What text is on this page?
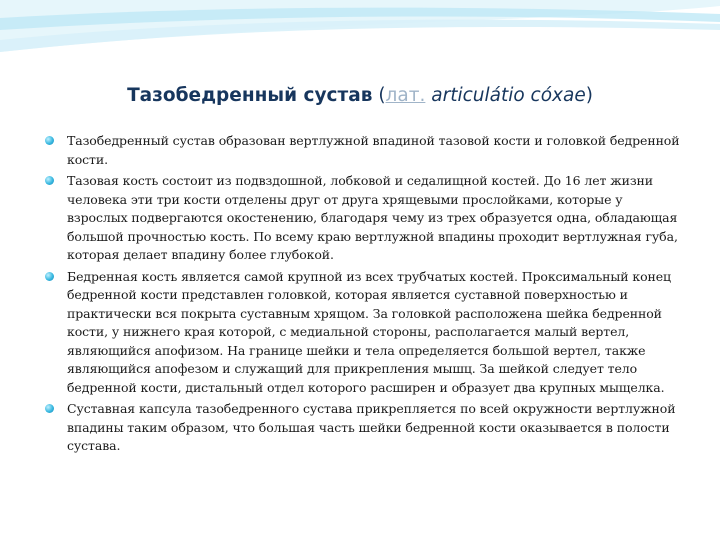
Тазобедренный сустав (лат. articulátio cóxae)
Тазобедренный сустав образован вертлужной впадиной тазовой кости и головкой бедренной кости.
Тазовая кость состоит из подвздошной, лобковой и седалищной костей. До 16 лет жизни человека эти три кости отделены друг от друга хрящевыми прослойками, которые у взрослых подвергаются окостенению, благодаря чему из трех образуется одна, обладающая большой прочностью кость. По всему краю вертлужной впадины проходит вертлужная губа, которая делает впадину более глубокой.
Бедренная кость является самой крупной из всех трубчатых костей. Проксимальный конец бедренной кости представлен головкой, которая является суставной поверхностью и практически вся покрыта суставным хрящом. За головкой расположена шейка бедренной кости, у нижнего края которой, с медиальной стороны, располагается малый вертел, являющийся апофизом. На границе шейки и тела определяется большой вертел, также являющийся апофезом и служащий для прикрепления мышц. За шейкой следует тело бедренной кости, дистальный отдел которого расширен и образует два крупных мыщелка.
Суставная капсула тазобедренного сустава прикрепляется по всей окружности вертлужной впадины таким образом, что большая часть шейки бедренной кости оказывается в полости сустава.
